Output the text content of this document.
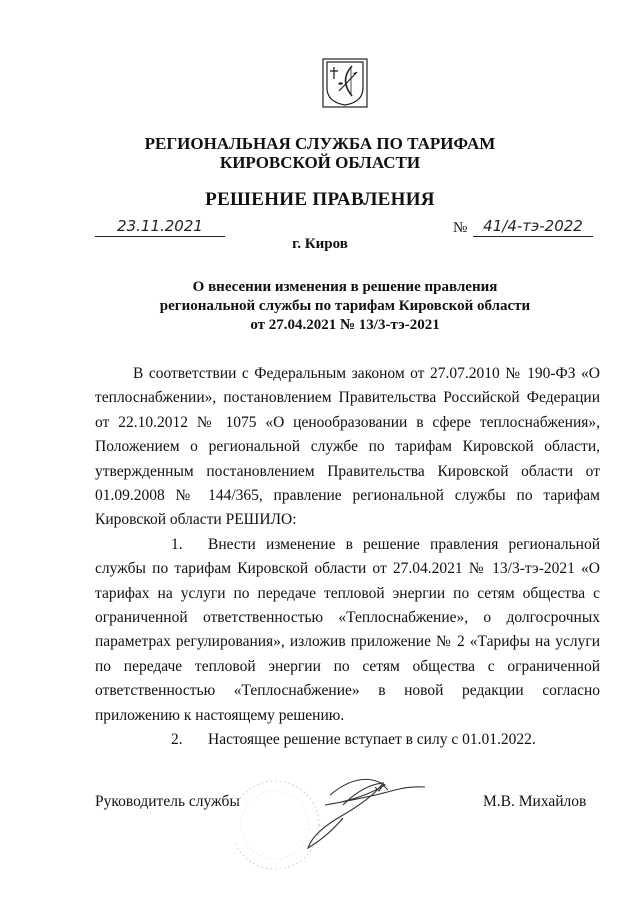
РЕГИОНАЛЬНАЯ СЛУЖБА ПО ТАРИФАМ
КИРОВСКОЙ ОБЛАСТИ
РЕШЕНИЕ ПРАВЛЕНИЯ
23.11.2021	№	41/4-тэ-2022
г. Киров
О внесении изменения в решение правления
региональной службы по тарифам Кировской области
от 27.04.2021 № 13/3-тэ-2021

В соответствии с Федеральным законом от 27.07.2010 № 190-ФЗ «О теплоснабжении», постановлением Правительства Российской Федерации от 22.10.2012 № 1075 «О ценообразовании в сфере теплоснабжения», Положением о региональной службе по тарифам Кировской области, утвержденным постановлением Правительства Кировской области от 01.09.2008 № 144/365, правление региональной службы по тарифам Кировской области РЕШИЛО:

1. Внести изменение в решение правления региональной службы по тарифам Кировской области от 27.04.2021 № 13/3-тэ-2021 «О тарифах на услуги по передаче тепловой энергии по сетям общества с ограниченной ответственностью «Теплоснабжение», о долгосрочных параметрах регулирования», изложив приложение № 2 «Тарифы на услуги по передаче тепловой энергии по сетям общества с ограниченной ответственностью «Теплоснабжение» в новой редакции согласно приложению к настоящему решению.

2. Настоящее решение вступает в силу с 01.01.2022.

Руководитель службы	М.В. Михайлов
